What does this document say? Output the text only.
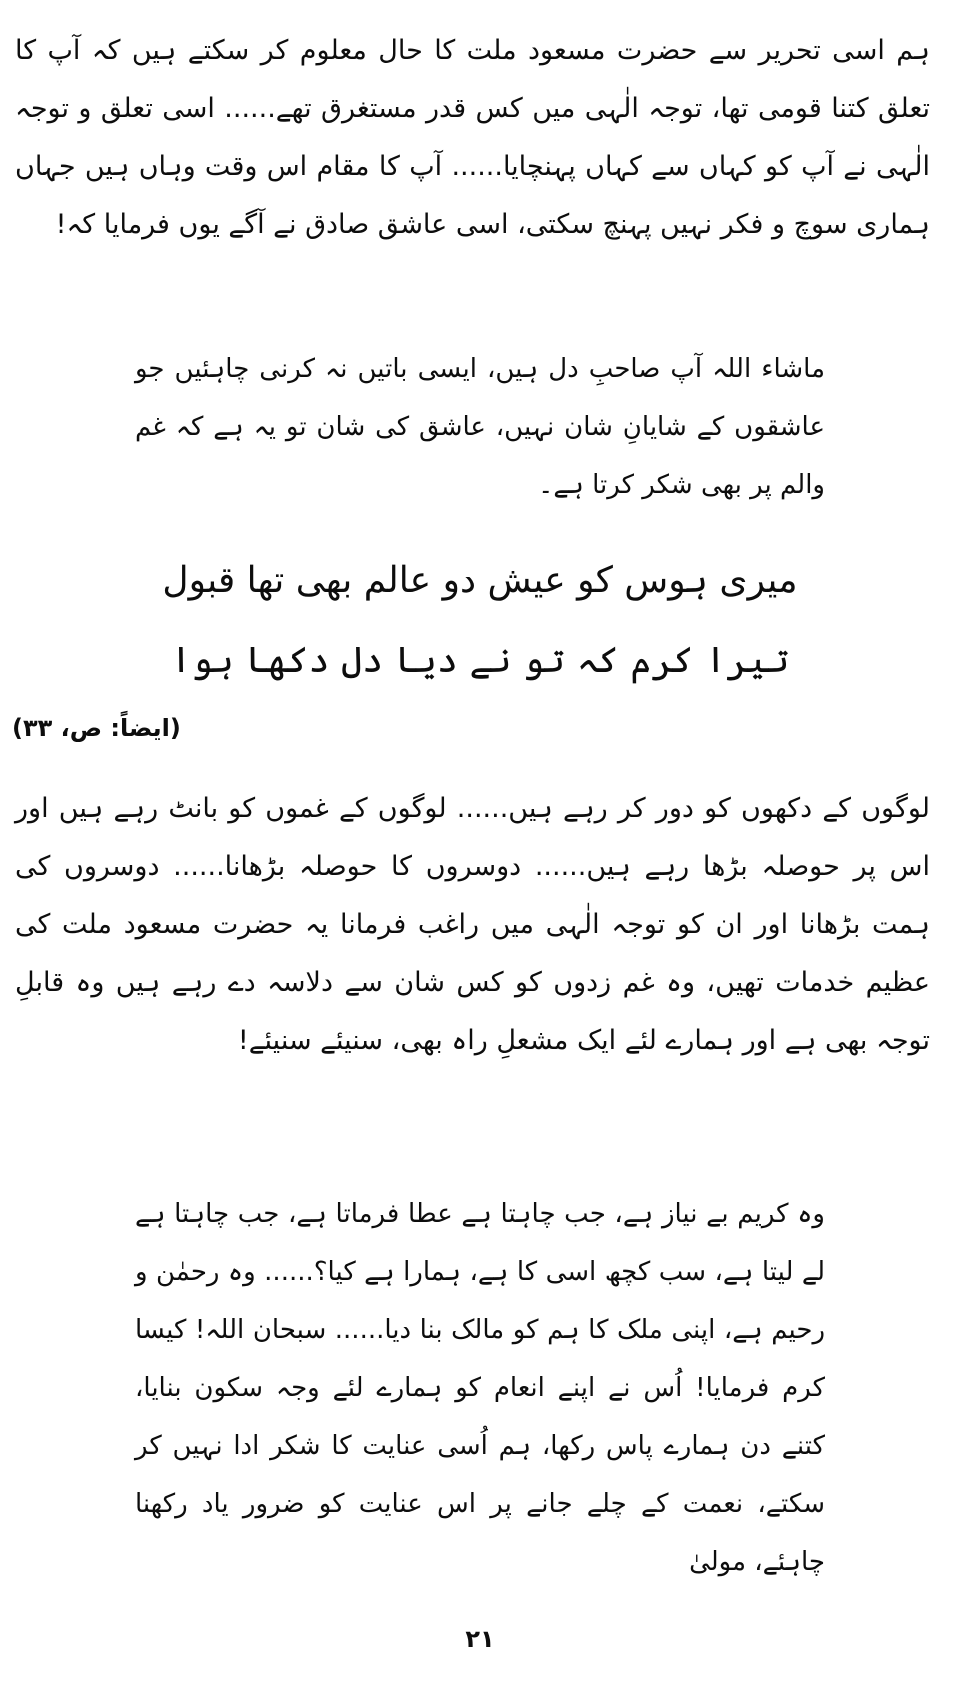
ہم اسی تحریر سے حضرت مسعود ملت کا حال معلوم کر سکتے ہیں کہ آپ کا تعلق کتنا قومی تھا، توجہ الٰہی میں کس قدر مستغرق تھے...... اسی تعلق و توجہ الٰہی نے آپ کو کہاں سے کہاں پہنچایا...... آپ کا مقام اس وقت وہاں ہیں جہاں ہماری سوچ و فکر نہیں پہنچ سکتی، اسی عاشق صادق نے آگے یوں فرمایا کہ!

ماشاء اللہ آپ صاحبِ دل ہیں، ایسی باتیں نہ کرنی چاہئیں جو عاشقوں کے شایانِ شان نہیں، عاشق کی شان تو یہ ہے کہ غم والم پر بھی شکر کرتا ہے۔

میری ہوس کو عیش دو عالم بھی تھا قبول

تیرا کرم کہ تو نے دیا دل دکھا ہوا

(ایضاً: ص، ۳۳)

لوگوں کے دکھوں کو دور کر رہے ہیں...... لوگوں کے غموں کو بانٹ رہے ہیں اور اس پر حوصلہ بڑھا رہے ہیں...... دوسروں کا حوصلہ بڑھانا...... دوسروں کی ہمت بڑھانا اور ان کو توجہ الٰہی میں راغب فرمانا یہ حضرت مسعود ملت کی عظیم خدمات تھیں، وہ غم زدوں کو کس شان سے دلاسہ دے رہے ہیں وہ قابلِ توجہ بھی ہے اور ہمارے لئے ایک مشعلِ راہ بھی، سنیئے سنیئے!

وہ کریم بے نیاز ہے، جب چاہتا ہے عطا فرماتا ہے، جب چاہتا ہے لے لیتا ہے، سب کچھ اسی کا ہے، ہمارا ہے کیا؟...... وہ رحمٰن و رحیم ہے، اپنی ملک کا ہم کو مالک بنا دیا...... سبحان اللہ! کیسا کرم فرمایا! اُس نے اپنے انعام کو ہمارے لئے وجہ سکون بنایا، کتنے دن ہمارے پاس رکھا، ہم اُسی عنایت کا شکر ادا نہیں کر سکتے، نعمت کے چلے جانے پر اس عنایت کو ضرور یاد رکھنا چاہئے، مولیٰ

۲۱
